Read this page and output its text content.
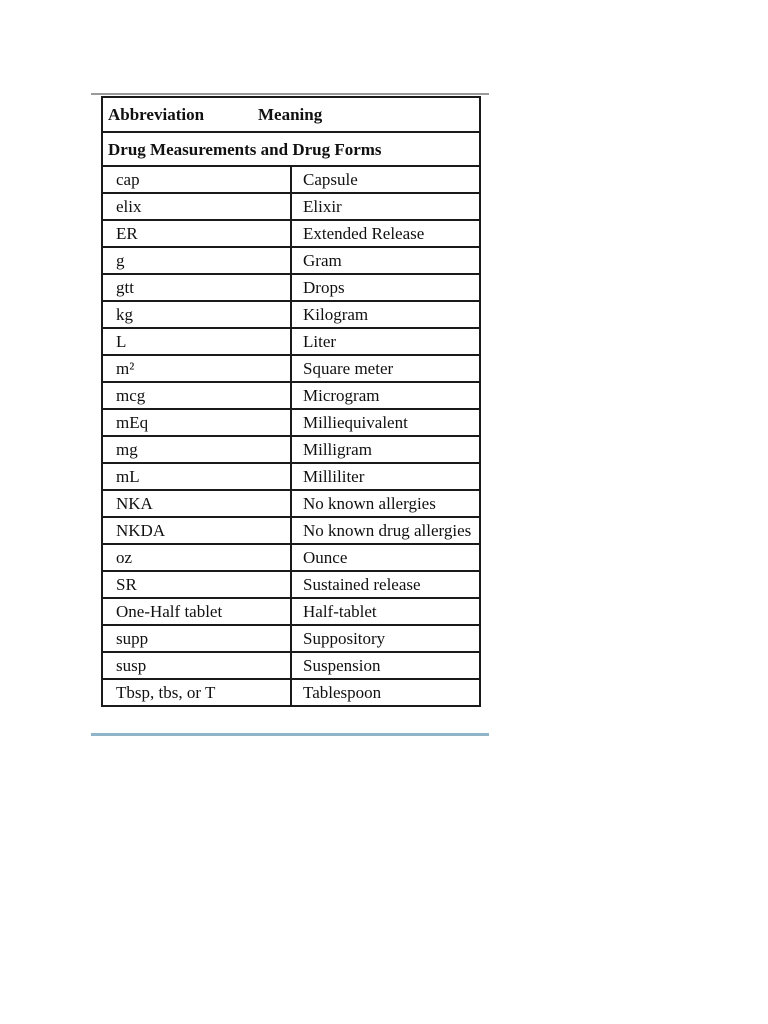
Abbreviation Meaning	
Drug Measurements and Drug Forms	
cap	Capsule
elix	Elixir
ER	Extended Release
g	Gram
gtt	Drops
kg	Kilogram
L	Liter
m²	Square meter
mcg	Microgram
mEq	Milliequivalent
mg	Milligram
mL	Milliliter
NKA	No known allergies
NKDA	No known drug allergies
oz	Ounce
SR	Sustained release
One-Half tablet	Half-tablet
supp	Suppository
susp	Suspension
Tbsp, tbs, or T	Tablespoon
